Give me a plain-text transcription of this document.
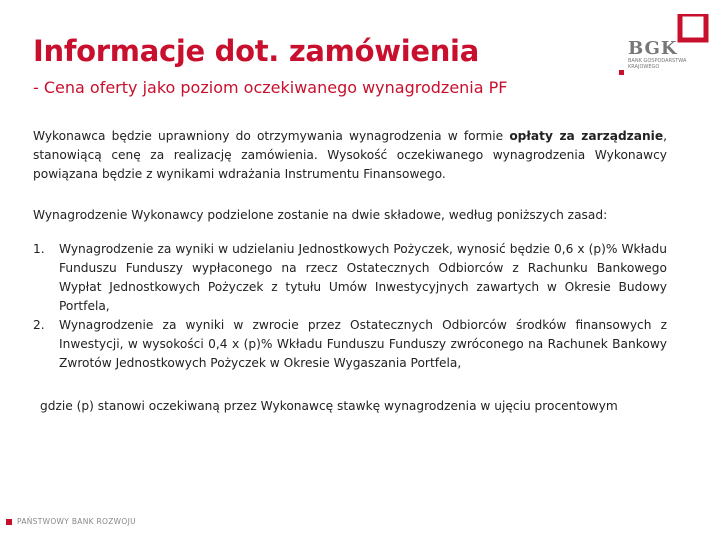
Informacje dot. zamówienia
- Cena oferty jako poziom oczekiwanego wynagrodzenia PF
BGK
BANK GOSPODARSTWA KRAJOWEGO
Wykonawca będzie uprawniony do otrzymywania wynagrodzenia w formie opłaty za zarządzanie, stanowiącą cenę za realizację zamówienia. Wysokość oczekiwanego wynagrodzenia Wykonawcy powiązana będzie z wynikami wdrażania Instrumentu Finansowego.
Wynagrodzenie Wykonawcy podzielone zostanie na dwie składowe, według poniższych zasad:
1. Wynagrodzenie za wyniki w udzielaniu Jednostkowych Pożyczek, wynosić będzie 0,6 x (p)% Wkładu Funduszu Funduszy wypłaconego na rzecz Ostatecznych Odbiorców z Rachunku Bankowego Wypłat Jednostkowych Pożyczek z tytułu Umów Inwestycyjnych zawartych w Okresie Budowy Portfela,
2. Wynagrodzenie za wyniki w zwrocie przez Ostatecznych Odbiorców środków finansowych z Inwestycji, w wysokości 0,4 x (p)% Wkładu Funduszu Funduszy zwróconego na Rachunek Bankowy Zwrotów Jednostkowych Pożyczek w Okresie Wygaszania Portfela,
gdzie (p) stanowi oczekiwaną przez Wykonawcę stawkę wynagrodzenia w ujęciu procentowym
PAŃSTWOWY BANK ROZWOJU
